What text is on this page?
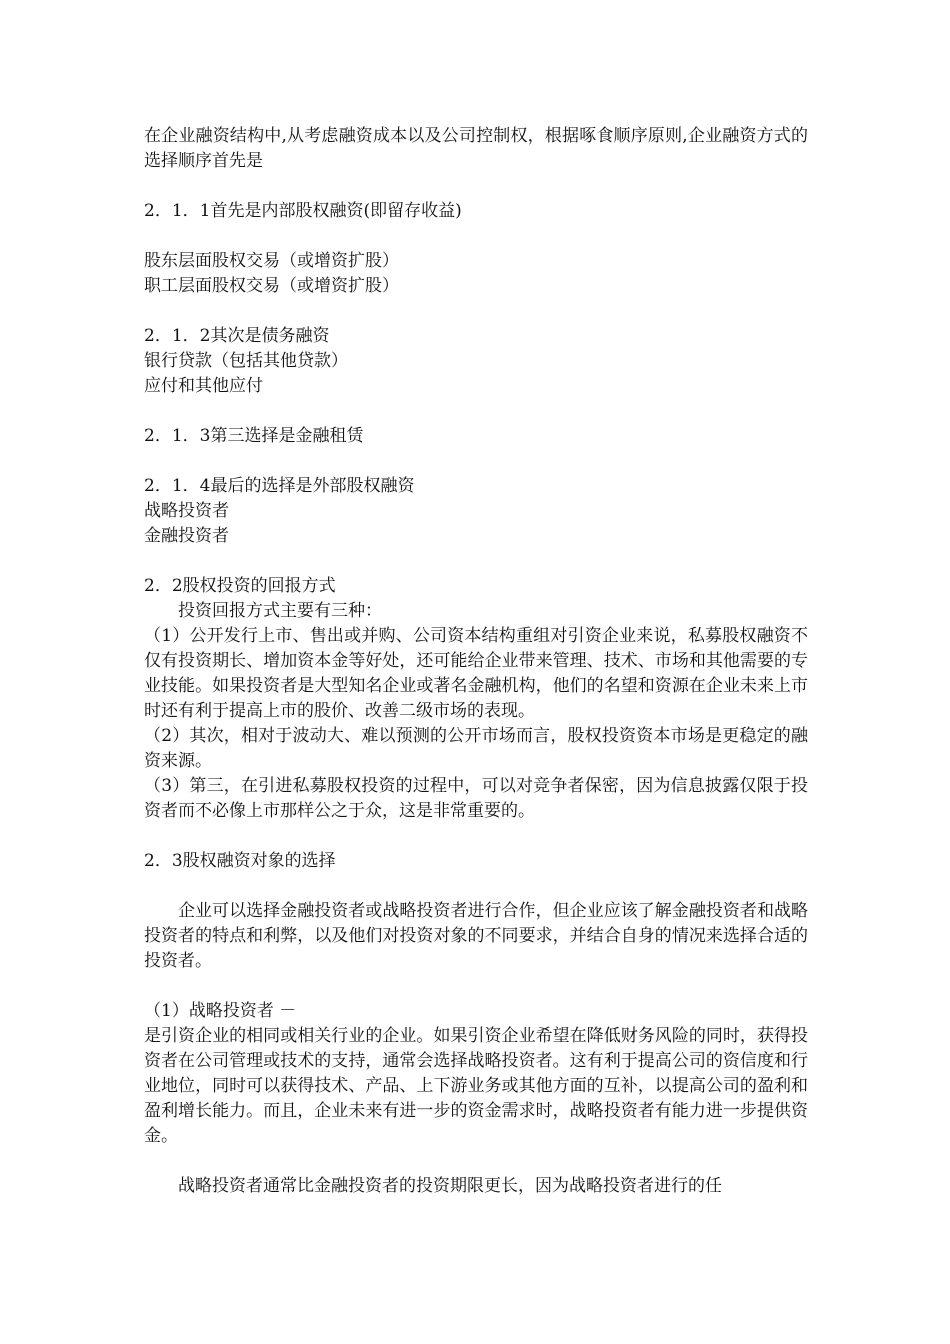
在企业融资结构中,从考虑融资成本以及公司控制权，根据啄食顺序原则,企业融资方式的选择顺序首先是

2．1．1首先是内部股权融资(即留存收益)

股东层面股权交易（或增资扩股）

职工层面股权交易（或增资扩股）

2．1．2其次是债务融资

银行贷款（包括其他贷款）

应付和其他应付

2．1．3第三选择是金融租赁

2．1．4最后的选择是外部股权融资

战略投资者

金融投资者

2．2股权投资的回报方式

投资回报方式主要有三种：

（1）公开发行上市、售出或并购、公司资本结构重组对引资企业来说，私募股权融资不仅有投资期长、增加资本金等好处，还可能给企业带来管理、技术、市场和其他需要的专业技能。如果投资者是大型知名企业或著名金融机构，他们的名望和资源在企业未来上市时还有利于提高上市的股价、改善二级市场的表现。

（2）其次，相对于波动大、难以预测的公开市场而言，股权投资资本市场是更稳定的融资来源。

（3）第三，在引进私募股权投资的过程中，可以对竞争者保密，因为信息披露仅限于投资者而不必像上市那样公之于众，这是非常重要的。

2．3股权融资对象的选择

企业可以选择金融投资者或战略投资者进行合作，但企业应该了解金融投资者和战略投资者的特点和利弊，以及他们对投资对象的不同要求，并结合自身的情况来选择合适的投资者。

（1）战略投资者 －

是引资企业的相同或相关行业的企业。如果引资企业希望在降低财务风险的同时，获得投资者在公司管理或技术的支持，通常会选择战略投资者。这有利于提高公司的资信度和行业地位，同时可以获得技术、产品、上下游业务或其他方面的互补，以提高公司的盈利和盈利增长能力。而且，企业未来有进一步的资金需求时，战略投资者有能力进一步提供资金。

战略投资者通常比金融投资者的投资期限更长，因为战略投资者进行的任
